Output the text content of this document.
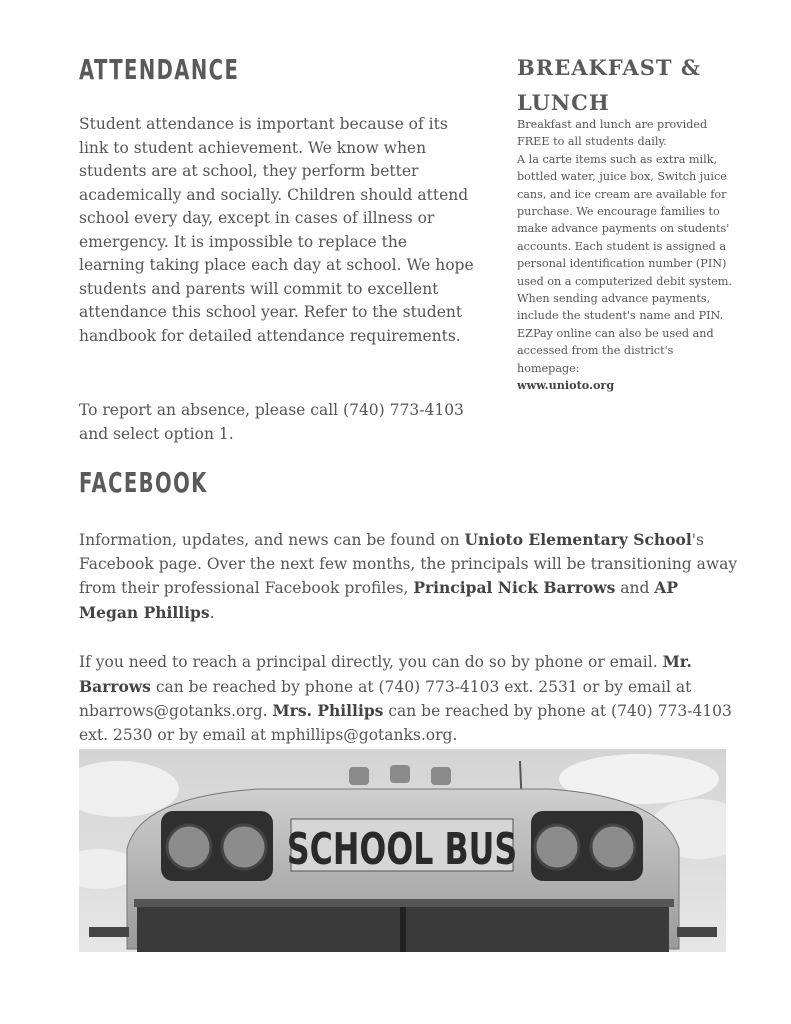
ATTENDANCE

Student attendance is important because of its link to student achievement. We know when students are at school, they perform better academically and socially. Children should attend school every day, except in cases of illness or emergency. It is impossible to replace the learning taking place each day at school. We hope students and parents will commit to excellent attendance this school year. Refer to the student handbook for detailed attendance requirements.

To report an absence, please call (740) 773-4103 and select option 1.

BREAKFAST & LUNCH
Breakfast and lunch are provided FREE to all students daily.
A la carte items such as extra milk, bottled water, juice box, Switch juice cans, and ice cream are available for purchase. We encourage families to make advance payments on students' accounts. Each student is assigned a personal identification number (PIN) used on a computerized debit system. When sending advance payments, include the student's name and PIN. EZPay online can also be used and accessed from the district's homepage:
www.unioto.org
FACEBOOK

Information, updates, and news can be found on Unioto Elementary School's Facebook page. Over the next few months, the principals will be transitioning away from their professional Facebook profiles, Principal Nick Barrows and AP Megan Phillips.

If you need to reach a principal directly, you can do so by phone or email. Mr. Barrows can be reached by phone at (740) 773-4103 ext. 2531 or by email at nbarrows@gotanks.org. Mrs. Phillips can be reached by phone at (740) 773-4103 ext. 2530 or by email at mphillips@gotanks.org.

SCHOOL BUS
